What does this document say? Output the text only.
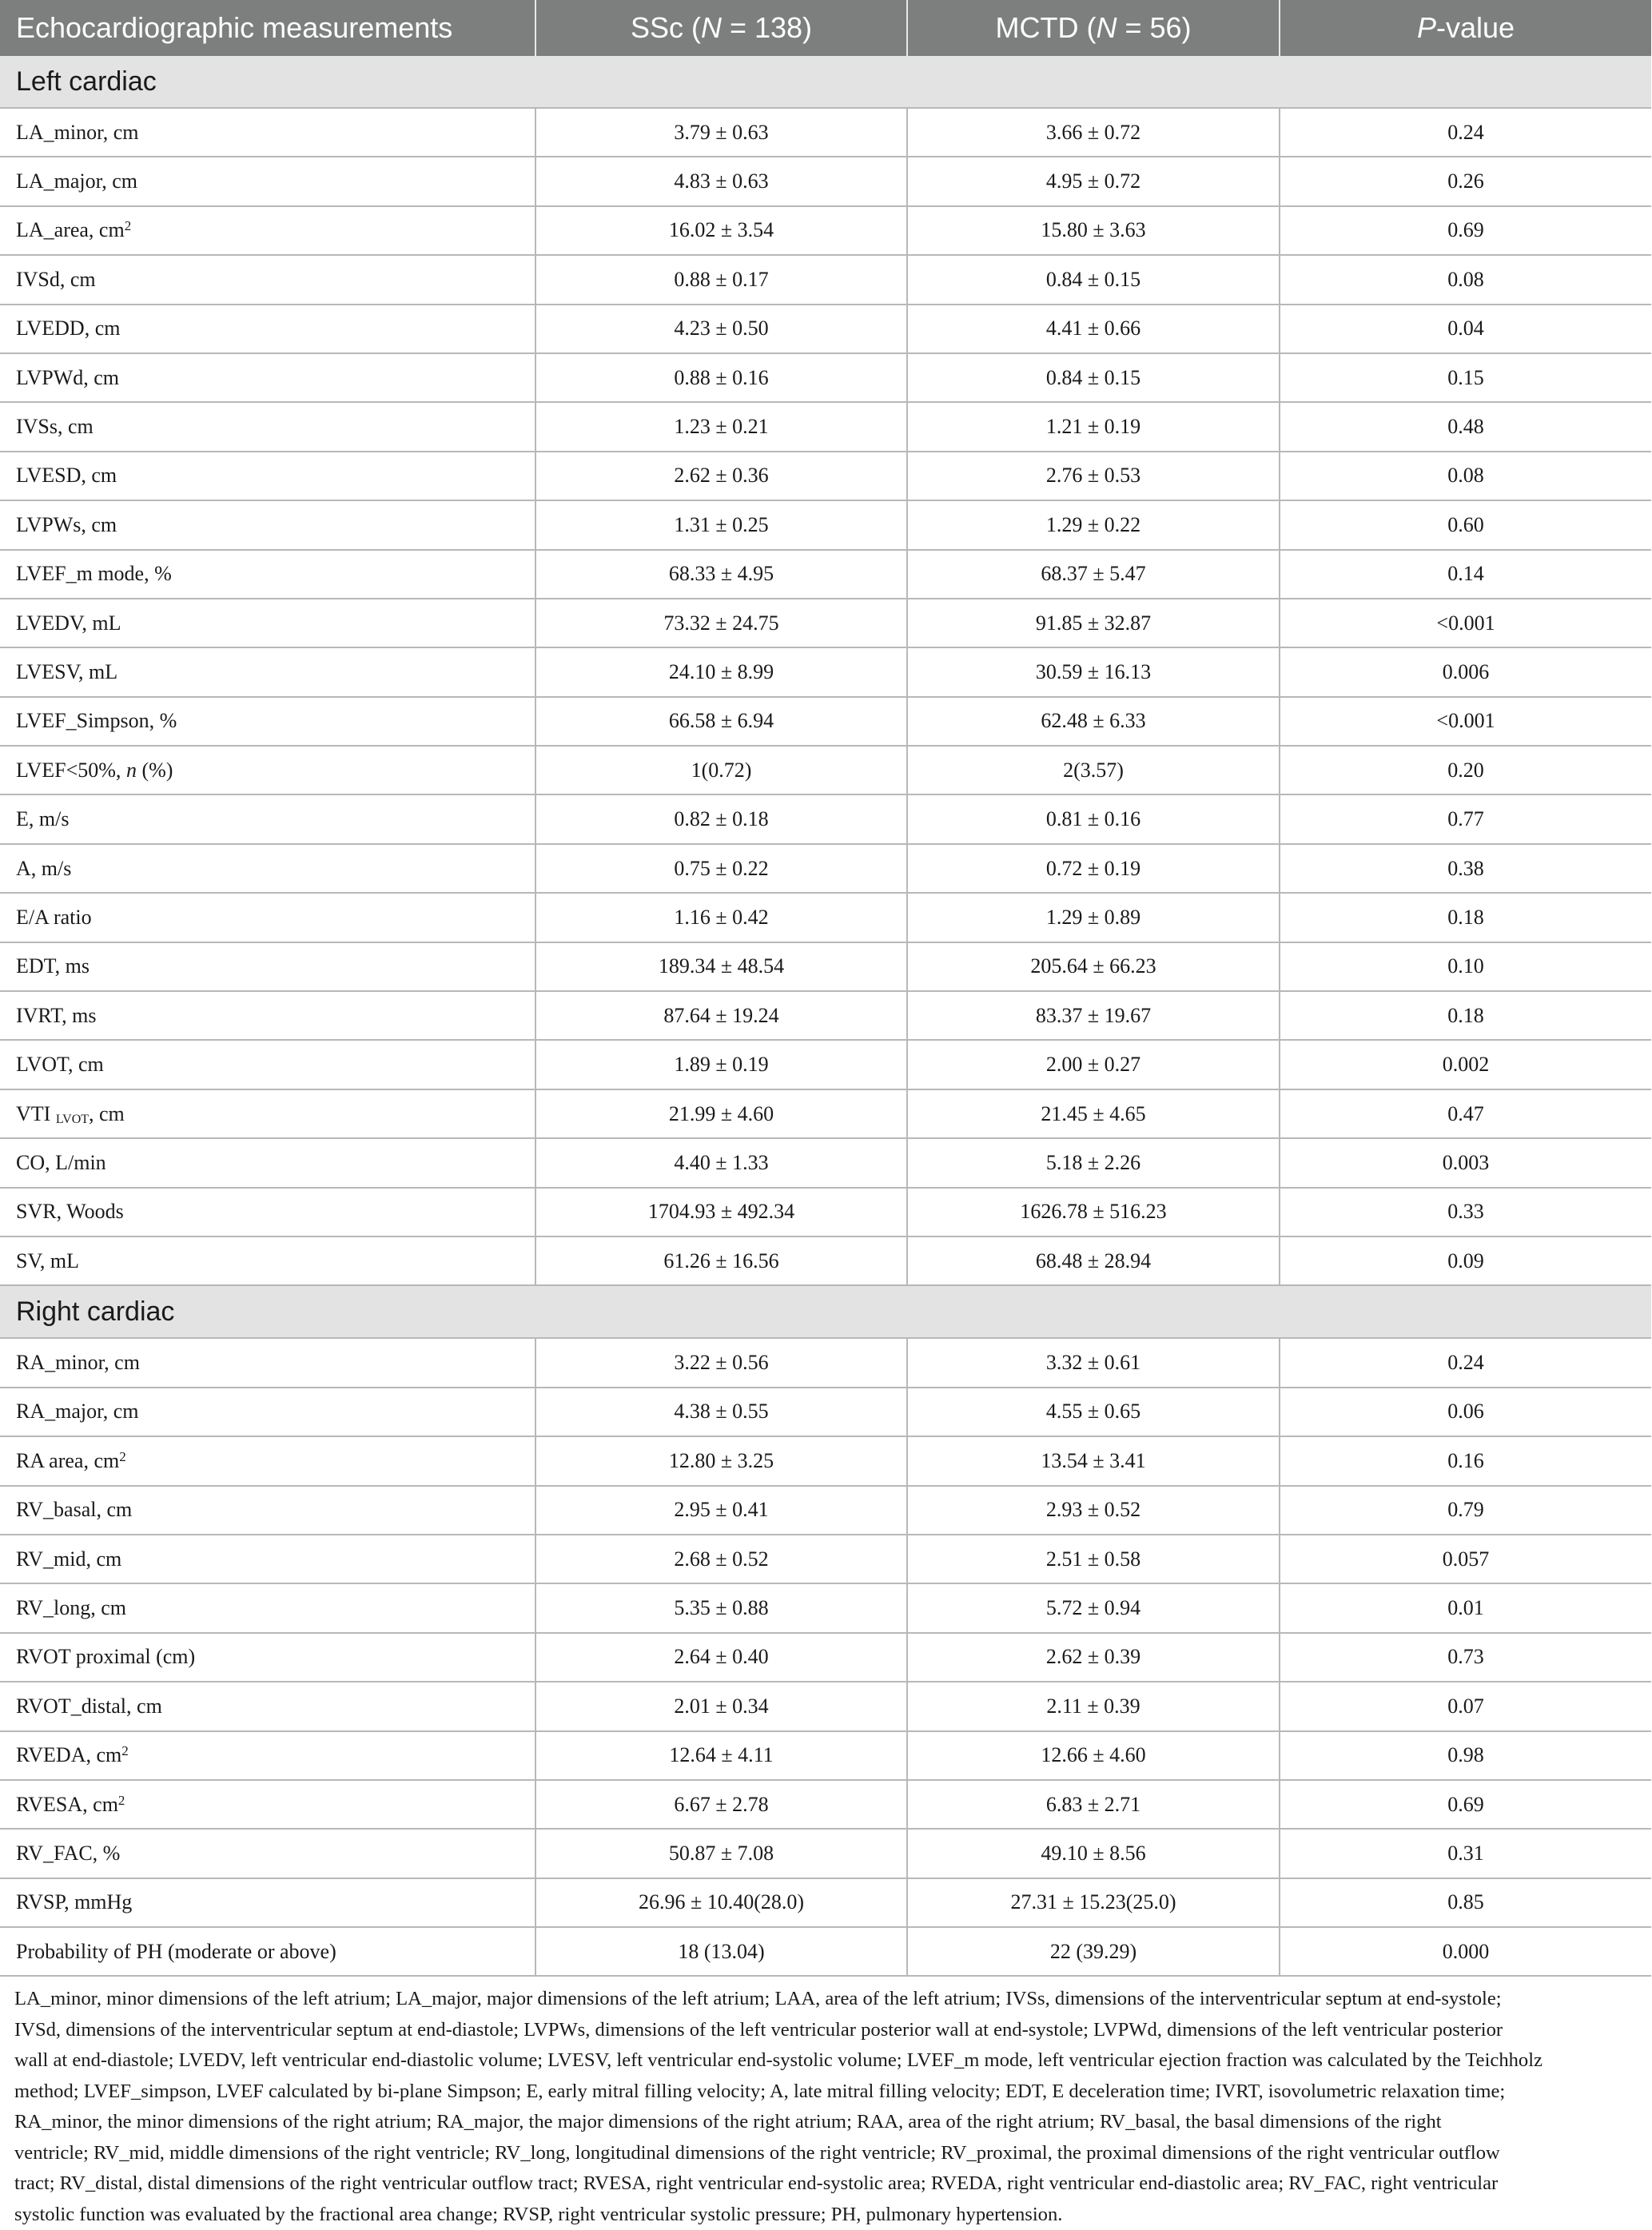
Echocardiographic measurements	SSc (N = 138)	MCTD (N = 56)	P-value
Left cardiac			
LA_minor, cm	3.79 ± 0.63	3.66 ± 0.72	0.24
LA_major, cm	4.83 ± 0.63	4.95 ± 0.72	0.26
LA_area, $cm^2$	16.02 ± 3.54	15.80 ± 3.63	0.69
IVSd, cm	0.88 ± 0.17	0.84 ± 0.15	0.08
LVEDD, cm	4.23 ± 0.50	4.41 ± 0.66	0.04
LVPWd, cm	0.88 ± 0.16	0.84 ± 0.15	0.15
IVSs, cm	1.23 ± 0.21	1.21 ± 0.19	0.48
LVESD, cm	2.62 ± 0.36	2.76 ± 0.53	0.08
LVPWs, cm	1.31 ± 0.25	1.29 ± 0.22	0.60
LVEF_m mode, %	68.33 ± 4.95	68.37 ± 5.47	0.14
LVEDV, mL	73.32 ± 24.75	91.85 ± 32.87	<0.001
LVESV, mL	24.10 ± 8.99	30.59 ± 16.13	0.006
LVEF_Simpson, %	66.58 ± 6.94	62.48 ± 6.33	<0.001
LVEF<50%, n (%)	1(0.72)	2(3.57)	0.20
E, m/s	0.82 ± 0.18	0.81 ± 0.16	0.77
A, m/s	0.75 ± 0.22	0.72 ± 0.19	0.38
E/A ratio	1.16 ± 0.42	1.29 ± 0.89	0.18
EDT, ms	189.34 ± 48.54	205.64 ± 66.23	0.10
IVRT, ms	87.64 ± 19.24	83.37 ± 19.67	0.18
LVOT, cm	1.89 ± 0.19	2.00 ± 0.27	0.002
VTI $_{LVOT}$, cm	21.99 ± 4.60	21.45 ± 4.65	0.47
CO, L/min	4.40 ± 1.33	5.18 ± 2.26	0.003
SVR, Woods	1704.93 ± 492.34	1626.78 ± 516.23	0.33
SV, mL	61.26 ± 16.56	68.48 ± 28.94	0.09
Right cardiac			
RA_minor, cm	3.22 ± 0.56	3.32 ± 0.61	0.24
RA_major, cm	4.38 ± 0.55	4.55 ± 0.65	0.06
RA area, $cm^2$	12.80 ± 3.25	13.54 ± 3.41	0.16
RV_basal, cm	2.95 ± 0.41	2.93 ± 0.52	0.79
RV_mid, cm	2.68 ± 0.52	2.51 ± 0.58	0.057
RV_long, cm	5.35 ± 0.88	5.72 ± 0.94	0.01
RVOT proximal (cm)	2.64 ± 0.40	2.62 ± 0.39	0.73
RVOT_distal, cm	2.01 ± 0.34	2.11 ± 0.39	0.07
RVEDA, $cm^2$	12.64 ± 4.11	12.66 ± 4.60	0.98
RVESA, $cm^2$	6.67 ± 2.78	6.83 ± 2.71	0.69
RV_FAC, %	50.87 ± 7.08	49.10 ± 8.56	0.31
RVSP, mmHg	26.96 ± 10.40(28.0)	27.31 ± 15.23(25.0)	0.85
Probability of PH (moderate or above)	18 (13.04)	22 (39.29)	0.000
LA_minor, minor dimensions of the left atrium; LA_major, major dimensions of the left atrium; LAA, area of the left atrium; IVSs, dimensions of the interventricular septum at end-systole;
IVSd, dimensions of the interventricular septum at end-diastole; LVPWs, dimensions of the left ventricular posterior wall at end-systole; LVPWd, dimensions of the left ventricular posterior
wall at end-diastole; LVEDV, left ventricular end-diastolic volume; LVESV, left ventricular end-systolic volume; LVEF_m mode, left ventricular ejection fraction was calculated by the Teichholz
method; LVEF_simpson, LVEF calculated by bi-plane Simpson; E, early mitral filling velocity; A, late mitral filling velocity; EDT, E deceleration time; IVRT, isovolumetric relaxation time;
RA_minor, the minor dimensions of the right atrium; RA_major, the major dimensions of the right atrium; RAA, area of the right atrium; RV_basal, the basal dimensions of the right
ventricle; RV_mid, middle dimensions of the right ventricle; RV_long, longitudinal dimensions of the right ventricle; RV_proximal, the proximal dimensions of the right ventricular outflow
tract; RV_distal, distal dimensions of the right ventricular outflow tract; RVESA, right ventricular end-systolic area; RVEDA, right ventricular end-diastolic area; RV_FAC, right ventricular
systolic function was evaluated by the fractional area change; RVSP, right ventricular systolic pressure; PH, pulmonary hypertension.
